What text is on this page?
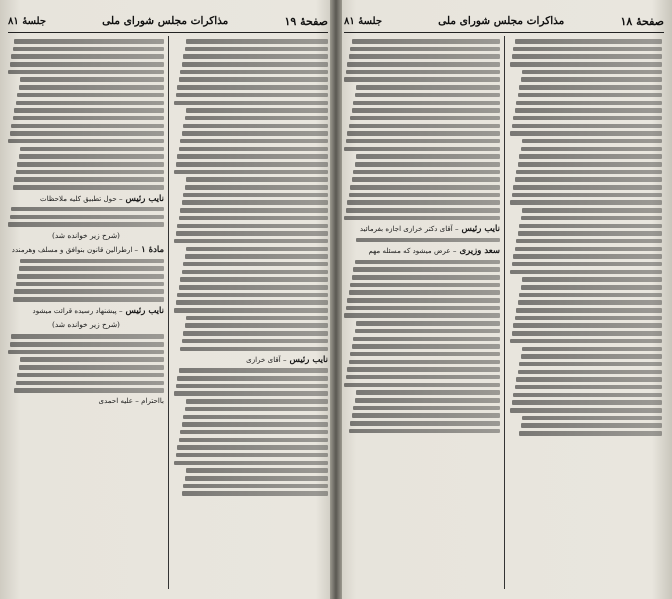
صفحهٔ ۱۹
مذاکرات مجلس شورای ملی
جلسهٔ ۸۱
نایب رئیس – آقای خرازی
نایب رئیس – حول تطبیق کلیه ملاحظات
(شرح زیر خوانده شد)
مادهٔ ۱ – ارطرالین قانون بنوافق و مسلف وهرمندد
نایب رئیس – پیشنهاد رسیده قرائت میشود
(شرح زیر خوانده شد)
بااحترام – علیه احمدی
صفحهٔ ۱۸
مذاکرات مجلس شورای ملی
جلسهٔ ۸۱
نایب رئیس – آقای دکتر خرازی اجازه بفرمائید
سعد وزیری – عرض میشود که مسئله مهم
